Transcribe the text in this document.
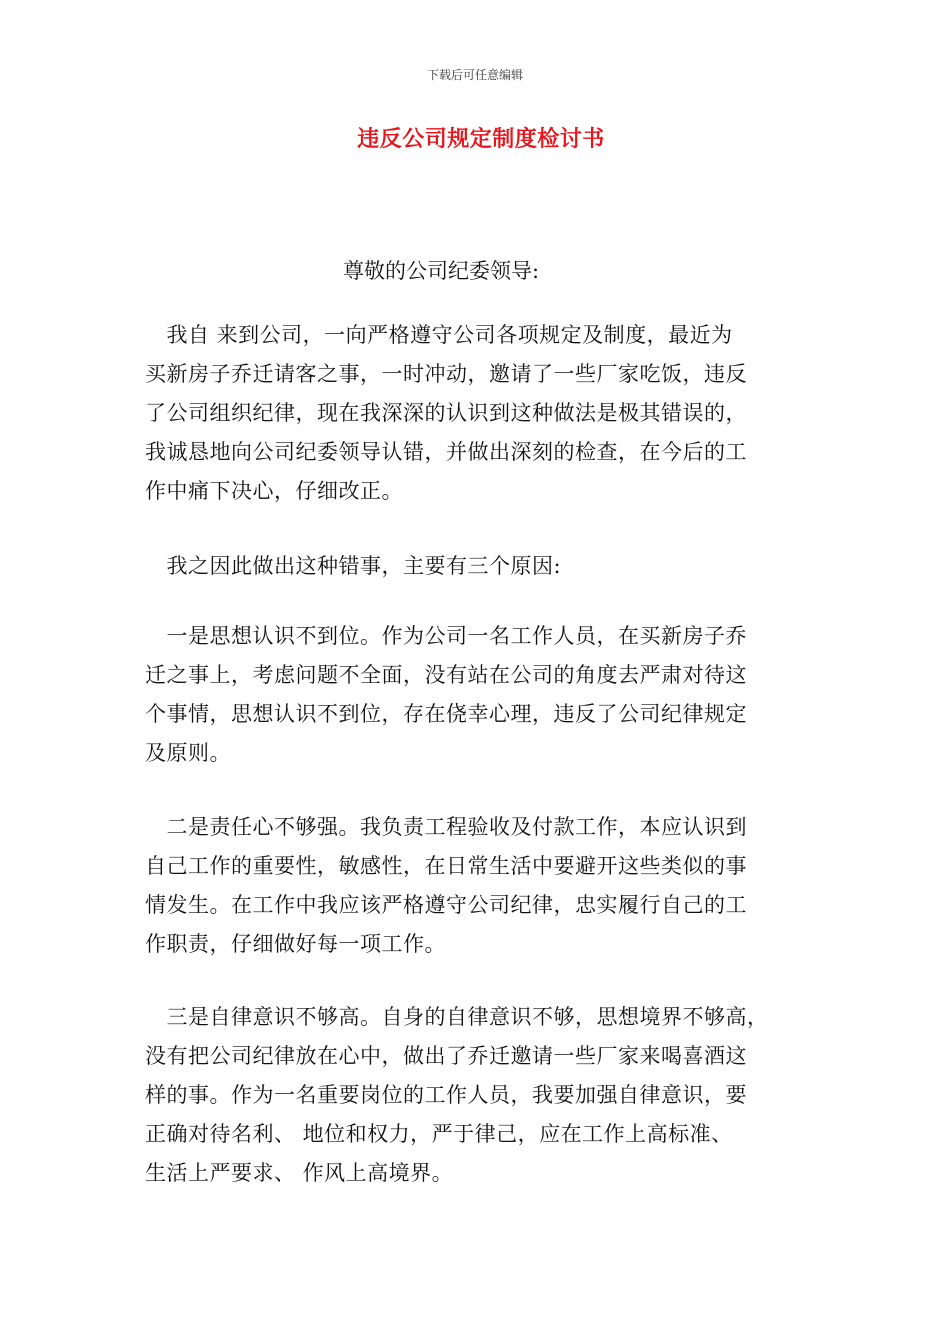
下载后可任意编辑
违反公司规定制度检讨书
尊敬的公司纪委领导:
　我自 来到公司，一向严格遵守公司各项规定及制度，最近为
买新房子乔迁请客之事，一时冲动，邀请了一些厂家吃饭，违反
了公司组织纪律，现在我深深的认识到这种做法是极其错误的，
我诚恳地向公司纪委领导认错，并做出深刻的检查，在今后的工
作中痛下决心，仔细改正。
　我之因此做出这种错事，主要有三个原因:
　一是思想认识不到位。作为公司一名工作人员，在买新房子乔
迁之事上，考虑问题不全面，没有站在公司的角度去严肃对待这
个事情，思想认识不到位，存在侥幸心理，违反了公司纪律规定
及原则。
　二是责任心不够强。我负责工程验收及付款工作，本应认识到
自己工作的重要性，敏感性，在日常生活中要避开这些类似的事
情发生。在工作中我应该严格遵守公司纪律，忠实履行自己的工
作职责，仔细做好每一项工作。
　三是自律意识不够高。自身的自律意识不够，思想境界不够高，
没有把公司纪律放在心中，做出了乔迁邀请一些厂家来喝喜酒这
样的事。作为一名重要岗位的工作人员，我要加强自律意识，要
正确对待名利、 地位和权力，严于律己，应在工作上高标准、
生活上严要求、 作风上高境界。
